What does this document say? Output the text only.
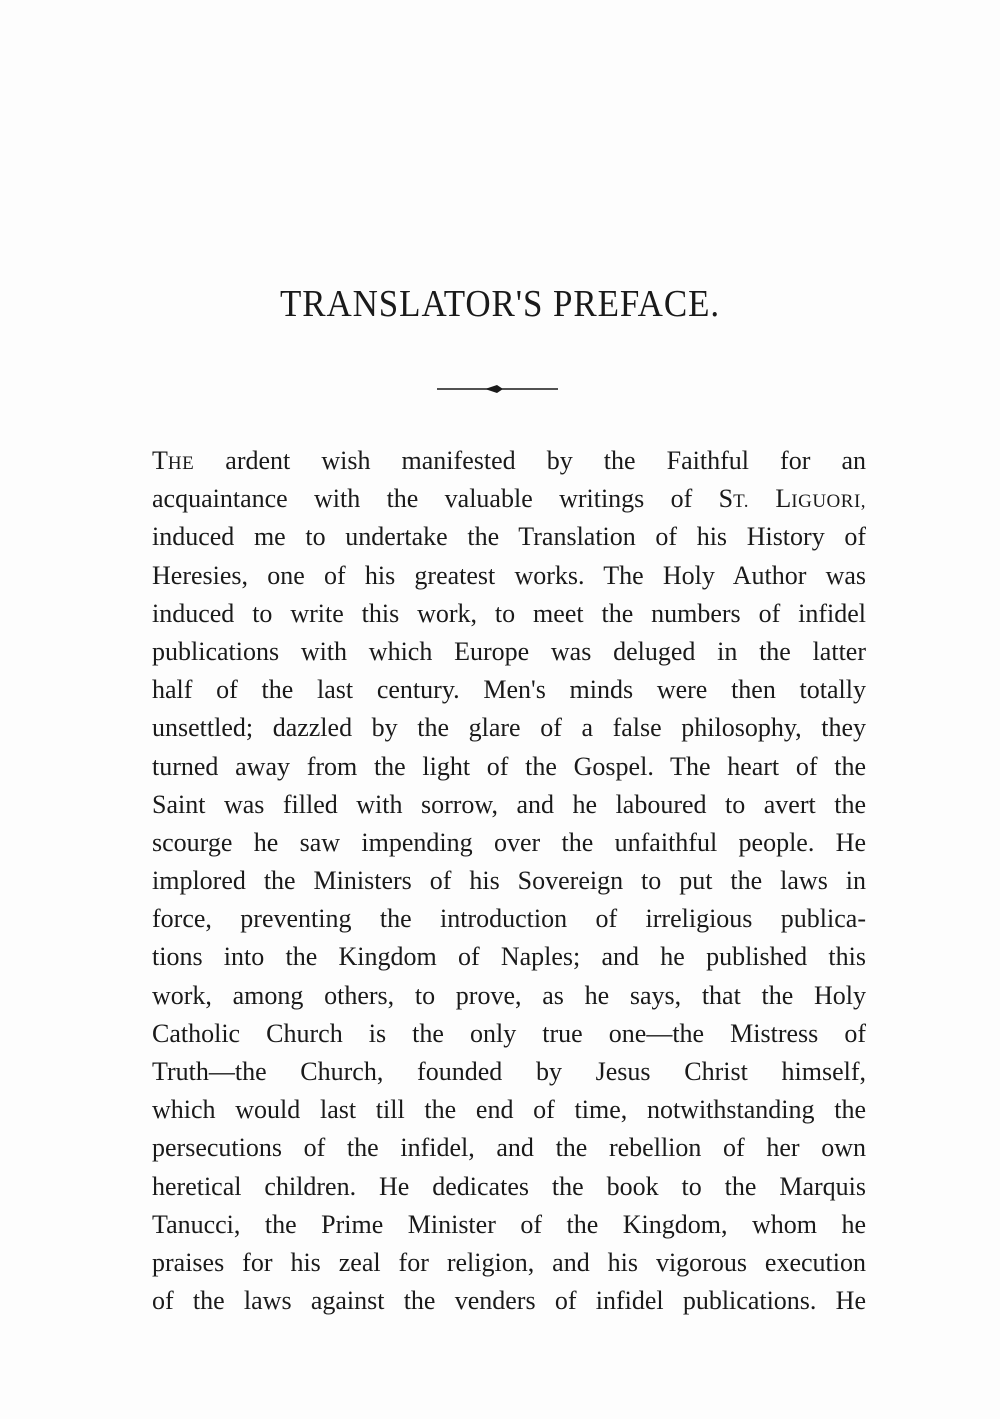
TRANSLATOR'S PREFACE.
THE ardent wish manifested by the Faithful for an
acquaintance with the valuable writings of ST. LIGUORI,
induced me to undertake the Translation of his History of
Heresies, one of his greatest works. The Holy Author was
induced to write this work, to meet the numbers of infidel
publications with which Europe was deluged in the latter
half of the last century. Men's minds were then totally
unsettled; dazzled by the glare of a false philosophy, they
turned away from the light of the Gospel. The heart of the
Saint was filled with sorrow, and he laboured to avert the
scourge he saw impending over the unfaithful people. He
implored the Ministers of his Sovereign to put the laws in
force, preventing the introduction of irreligious publica-
tions into the Kingdom of Naples; and he published this
work, among others, to prove, as he says, that the Holy
Catholic Church is the only true one—the Mistress of
Truth—the Church, founded by Jesus Christ himself,
which would last till the end of time, notwithstanding the
persecutions of the infidel, and the rebellion of her own
heretical children. He dedicates the book to the Marquis
Tanucci, the Prime Minister of the Kingdom, whom he
praises for his zeal for religion, and his vigorous execution
of the laws against the venders of infidel publications. He
